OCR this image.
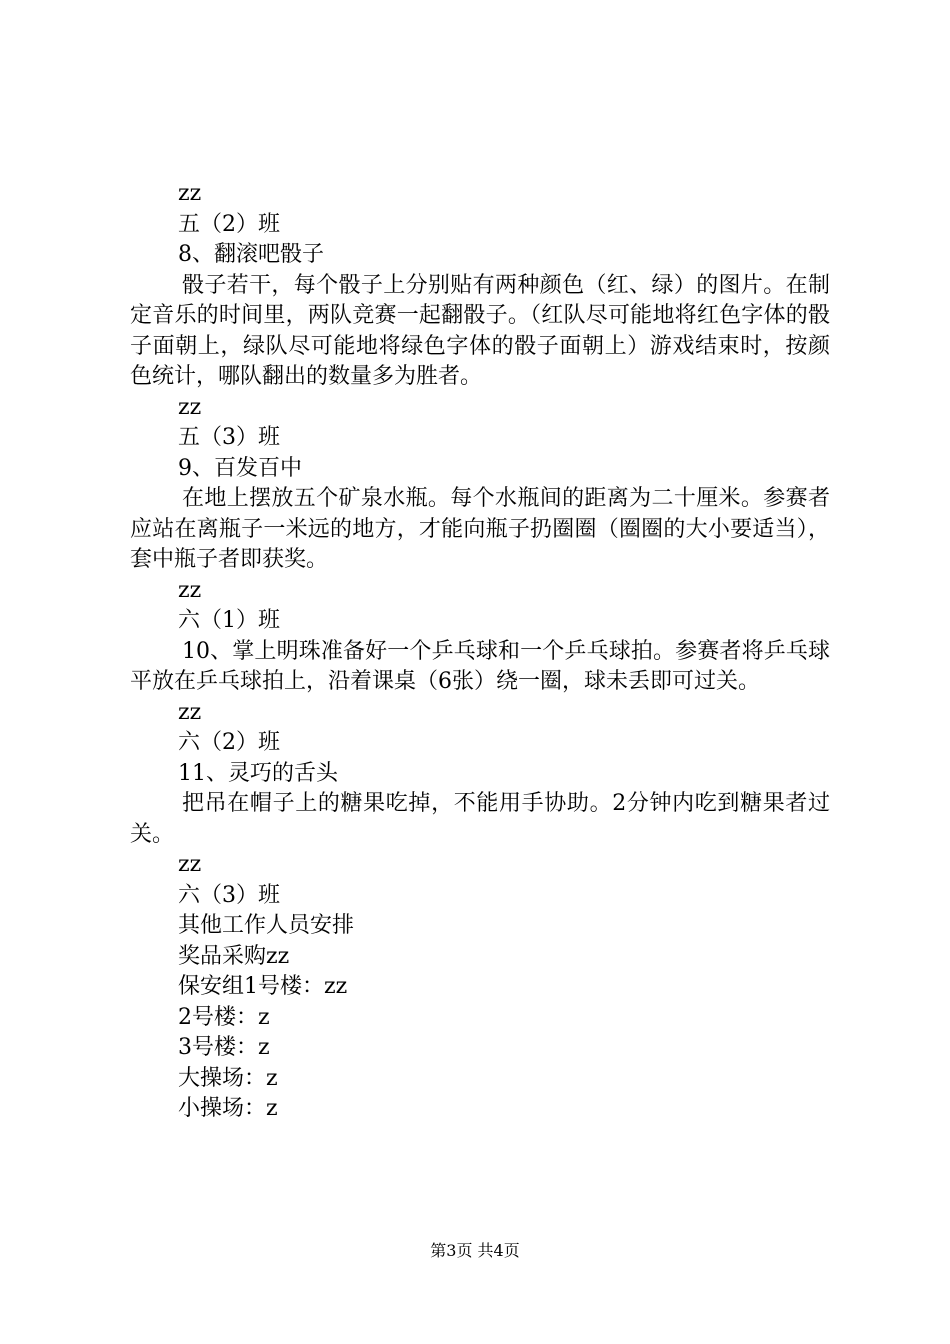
zz

五（2）班

8、翻滚吧骰子

骰子若干，每个骰子上分别贴有两种颜色（红、绿）的图片。在制定音乐的时间里，两队竞赛一起翻骰子。（红队尽可能地将红色字体的骰子面朝上，绿队尽可能地将绿色字体的骰子面朝上）游戏结束时，按颜色统计，哪队翻出的数量多为胜者。

zz

五（3）班

9、百发百中

在地上摆放五个矿泉水瓶。每个水瓶间的距离为二十厘米。参赛者应站在离瓶子一米远的地方，才能向瓶子扔圈圈（圈圈的大小要适当），套中瓶子者即获奖。

zz

六（1）班

10、掌上明珠准备好一个乒乓球和一个乒乓球拍。参赛者将乒乓球平放在乒乓球拍上，沿着课桌（6张）绕一圈，球未丢即可过关。

zz

六（2）班

11、灵巧的舌头

把吊在帽子上的糖果吃掉，不能用手协助。2分钟内吃到糖果者过关。

zz

六（3）班

其他工作人员安排

奖品采购zz

保安组1号楼：zz

2号楼：z

3号楼：z

大操场：z

小操场：z

第3页 共4页
